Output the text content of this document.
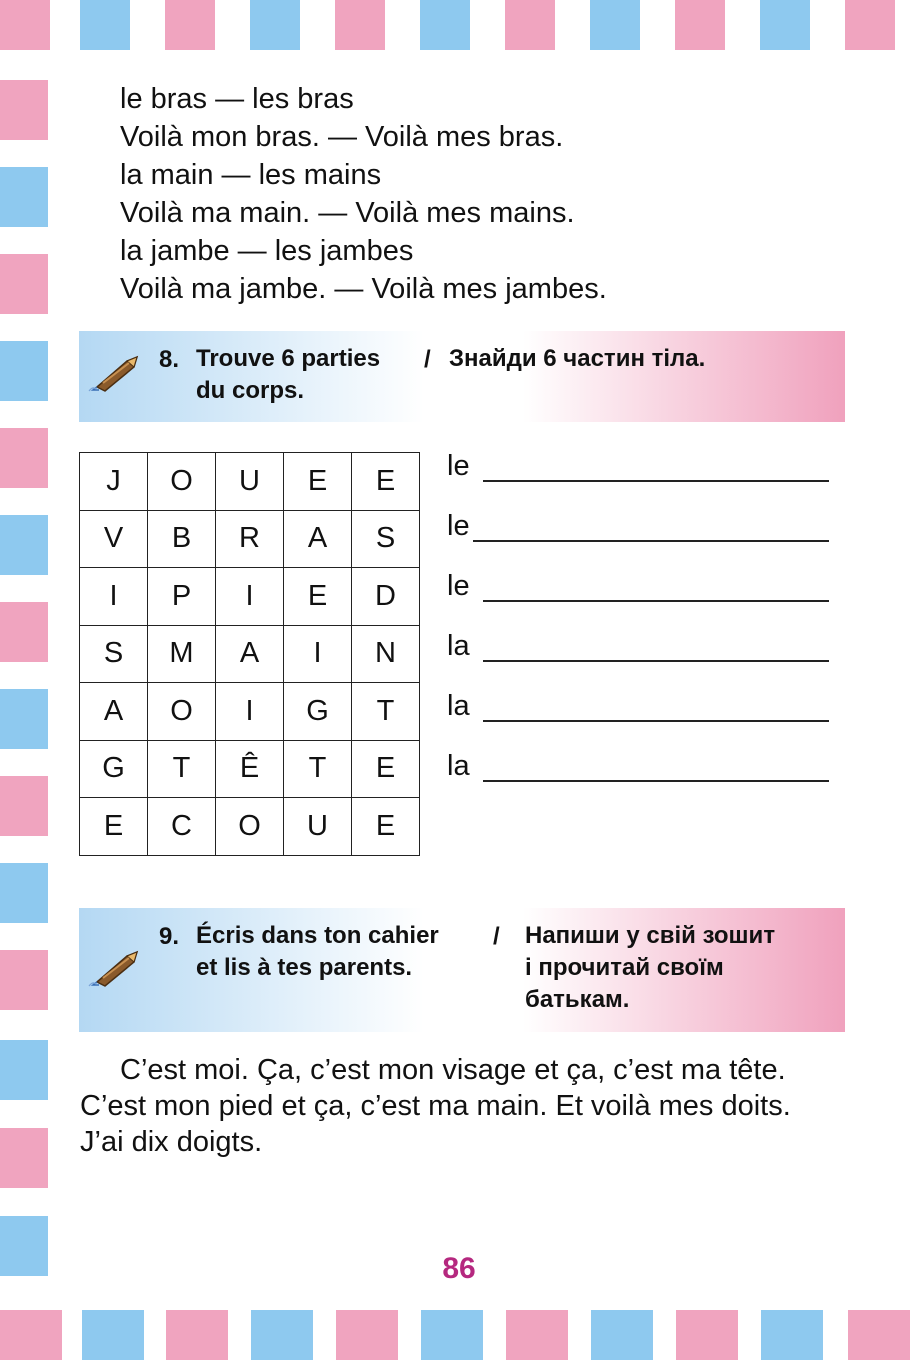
le bras — les bras
Voilà mon bras. — Voilà mes bras.
la main — les mains
Voilà ma main. — Voilà mes mains.
la jambe — les jambes
Voilà ma jambe. — Voilà mes jambes.
8. Trouve 6 parties
du corps.
/ Знайди 6 частин тіла.
J	O	U	E	E
V	B	R	A	S
I	P	I	E	D
S	M	A	I	N
A	O	I	G	T
G	T	Ê	T	E
E	C	O	U	E
le
le
le
la
la
la
9. Écris dans ton cahier
et lis à tes parents.
/ Напиши у свій зошит
і прочитай своїм
батькам.
C’est moi. Ça, c’est mon visage et ça, c’est ma tête.
C’est mon pied et ça, c’est ma main. Et voilà mes doits.
J’ai dix doigts.
86
